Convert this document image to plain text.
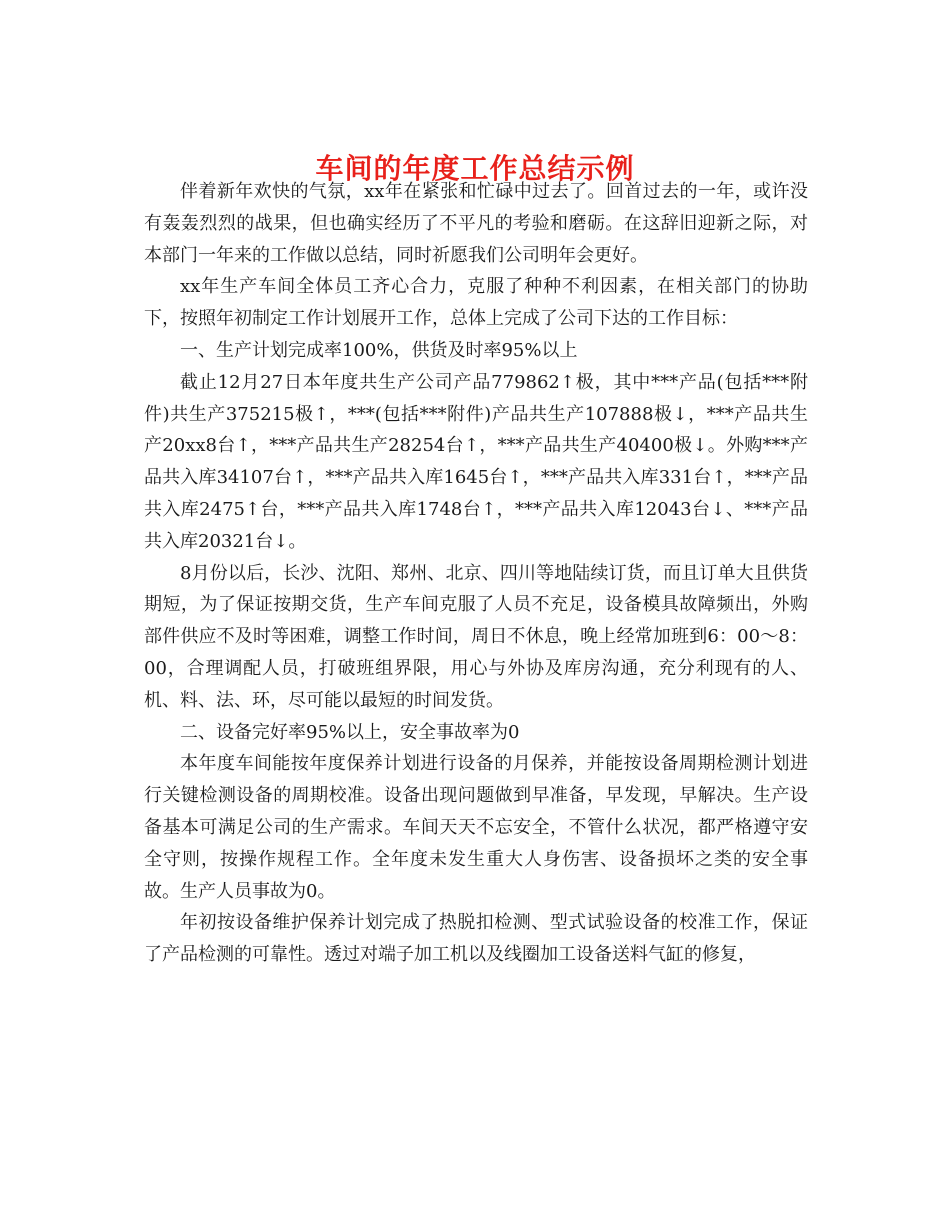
车间的年度工作总结示例

伴着新年欢快的气氛，xx年在紧张和忙碌中过去了。回首过去的一年，或许没有轰轰烈烈的战果，但也确实经历了不平凡的考验和磨砺。在这辞旧迎新之际，对本部门一年来的工作做以总结，同时祈愿我们公司明年会更好。

xx年生产车间全体员工齐心合力，克服了种种不利因素，在相关部门的协助下，按照年初制定工作计划展开工作，总体上完成了公司下达的工作目标：

一、生产计划完成率100%，供货及时率95%以上

截止12月27日本年度共生产公司产品779862↑极，其中***产品(包括***附件)共生产375215极↑，***(包括***附件)产品共生产107888极↓，***产品共生产20xx8台↑，***产品共生产28254台↑，***产品共生产40400极↓。外购***产品共入库34107台↑，***产品共入库1645台↑，***产品共入库331台↑，***产品共入库2475↑台，***产品共入库1748台↑，***产品共入库12043台↓、***产品共入库20321台↓。

8月份以后，长沙、沈阳、郑州、北京、四川等地陆续订货，而且订单大且供货期短，为了保证按期交货，生产车间克服了人员不充足，设备模具故障频出，外购部件供应不及时等困难，调整工作时间，周日不休息，晚上经常加班到6：00～8：00，合理调配人员，打破班组界限，用心与外协及库房沟通，充分利现有的人、机、料、法、环，尽可能以最短的时间发货。

二、设备完好率95%以上，安全事故率为0

本年度车间能按年度保养计划进行设备的月保养，并能按设备周期检测计划进行关键检测设备的周期校准。设备出现问题做到早准备，早发现，早解决。生产设备基本可满足公司的生产需求。车间天天不忘安全，不管什么状况，都严格遵守安全守则，按操作规程工作。全年度未发生重大人身伤害、设备损坏之类的安全事故。生产人员事故为0。

年初按设备维护保养计划完成了热脱扣检测、型式试验设备的校准工作，保证了产品检测的可靠性。透过对端子加工机以及线圈加工设备送料气缸的修复，
